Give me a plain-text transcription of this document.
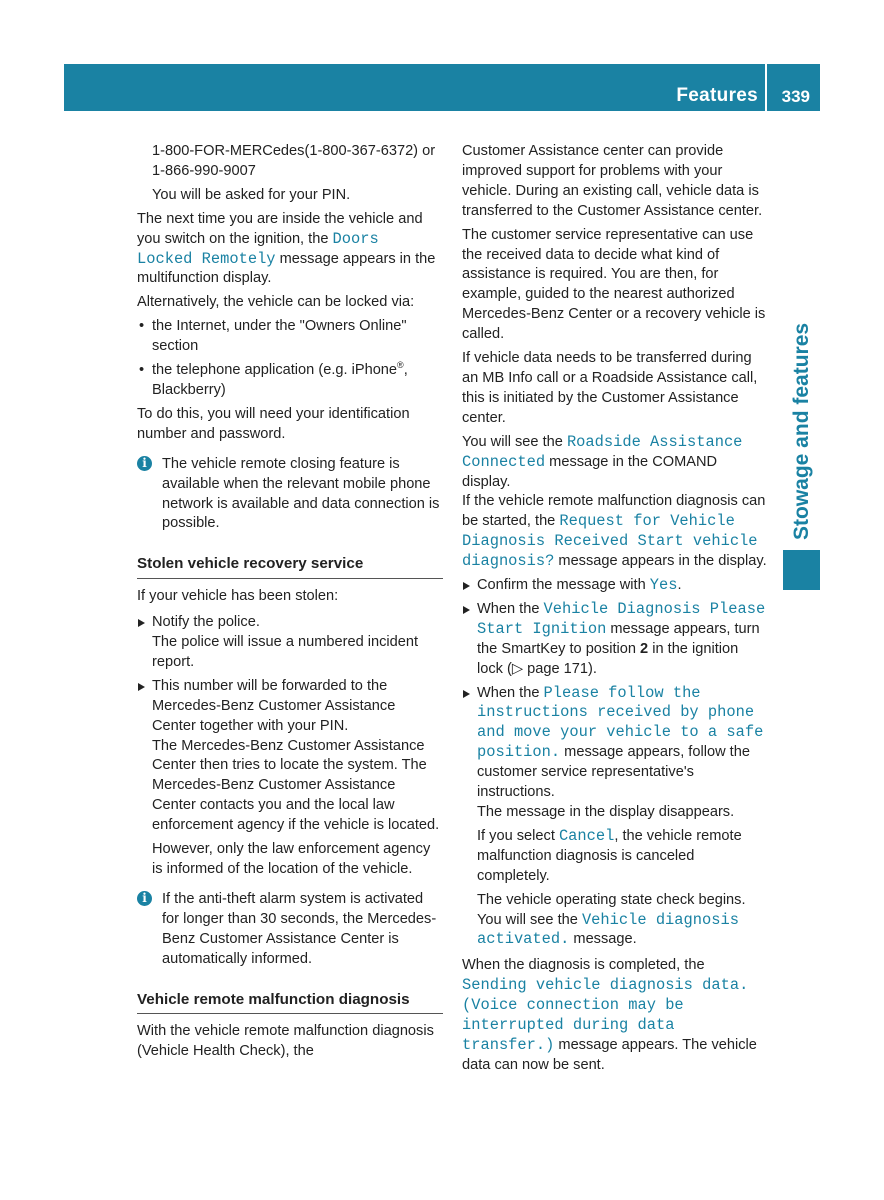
Features 339
Stowage and features

1-800-FOR-MERCedes(1-800-367-6372) or 1-866-990-9007

You will be asked for your PIN.

The next time you are inside the vehicle and you switch on the ignition, the Doors Locked Remotely message appears in the multifunction display.

Alternatively, the vehicle can be locked via:

• the Internet, under the "Owners Online" section
• the telephone application (e.g. iPhone®, Blackberry)

To do this, you will need your identification number and password.

i	The vehicle remote closing feature is available when the relevant mobile phone network is available and data connection is possible.
Stolen vehicle recovery service

If your vehicle has been stolen:

Notify the police.
The police will issue a numbered incident report.
This number will be forwarded to the Mercedes-Benz Customer Assistance Center together with your PIN.
The Mercedes-Benz Customer Assistance Center then tries to locate the system. The Mercedes-Benz Customer Assistance Center contacts you and the local law enforcement agency if the vehicle is located.
However, only the law enforcement agency is informed of the location of the vehicle.
i	If the anti-theft alarm system is activated for longer than 30 seconds, the Mercedes-Benz Customer Assistance Center is automatically informed.
Vehicle remote malfunction diagnosis

With the vehicle remote malfunction diagnosis (Vehicle Health Check), the

Customer Assistance center can provide improved support for problems with your vehicle. During an existing call, vehicle data is transferred to the Customer Assistance center.

The customer service representative can use the received data to decide what kind of assistance is required. You are then, for example, guided to the nearest authorized Mercedes-Benz Center or a recovery vehicle is called.

If vehicle data needs to be transferred during an MB Info call or a Roadside Assistance call, this is initiated by the Customer Assistance center.

You will see the Roadside Assistance Connected message in the COMAND display.

If the vehicle remote malfunction diagnosis can be started, the Request for Vehicle Diagnosis Received Start vehicle diagnosis? message appears in the display.

Confirm the message with Yes.
When the Vehicle Diagnosis Please Start Ignition message appears, turn the SmartKey to position 2 in the ignition lock (▷ page 171).
When the Please follow the instructions received by phone and move your vehicle to a safe position. message appears, follow the customer service representative's instructions.
The message in the display disappears.
If you select Cancel, the vehicle remote malfunction diagnosis is canceled completely.
The vehicle operating state check begins. You will see the Vehicle diagnosis activated. message.

When the diagnosis is completed, the Sending vehicle diagnosis data. (Voice connection may be interrupted during data transfer.) message appears. The vehicle data can now be sent.
